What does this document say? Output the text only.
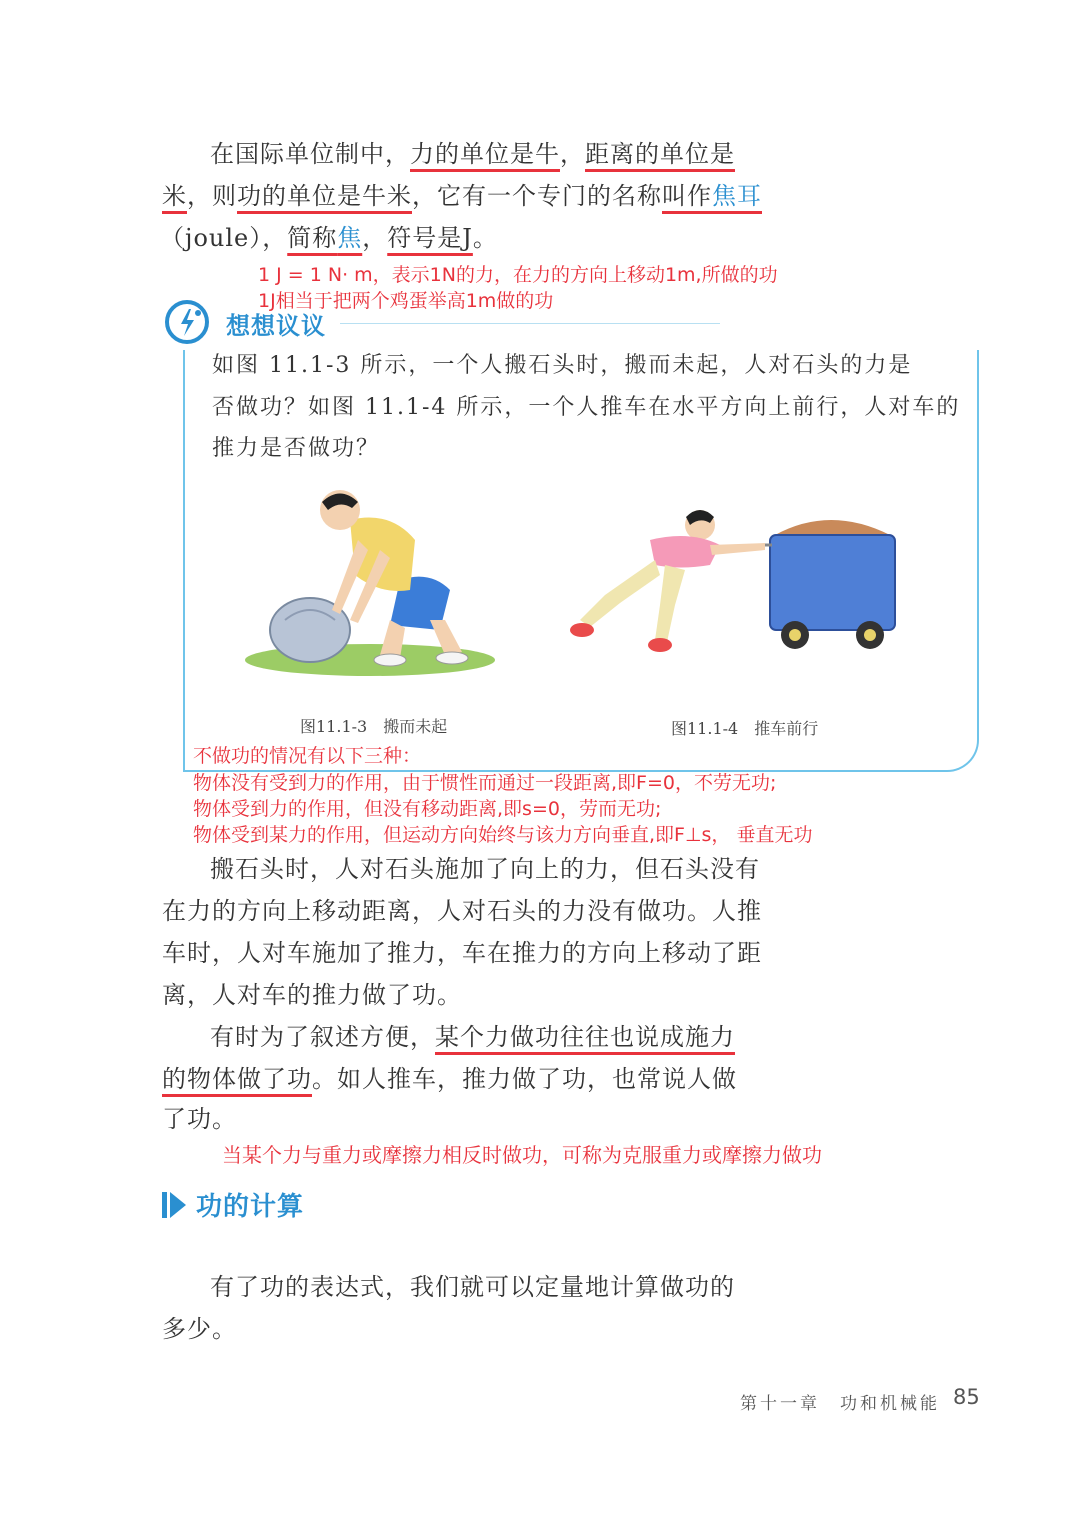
在国际单位制中，力的单位是牛，距离的单位是
米，则功的单位是牛米，它有一个专门的名称叫作焦耳
（joule），简称焦，符号是J。
1 J = 1 N· m，表示1N的力，在力的方向上移动1m,所做的功
1J相当于把两个鸡蛋举高1m做的功
想想议议
如图 11.1-3 所示，一个人搬石头时，搬而未起，人对石头的力是
否做功？如图 11.1-4 所示，一个人推车在水平方向上前行，人对车的
推力是否做功？
图11.1-3　搬而未起	图11.1-4　推车前行
不做功的情况有以下三种：
物体没有受到力的作用，由于惯性而通过一段距离,即F=0，不劳无功;
物体受到力的作用，但没有移动距离,即s=0，劳而无功;
物体受到某力的作用，但运动方向始终与该力方向垂直,即F⊥s， 垂直无功
搬石头时，人对石头施加了向上的力，但石头没有
在力的方向上移动距离，人对石头的力没有做功。人推
车时，人对车施加了推力，车在推力的方向上移动了距
离，人对车的推力做了功。
有时为了叙述方便，某个力做功往往也说成施力
的物体做了功。如人推车，推力做了功，也常说人做
了功。
当某个力与重力或摩擦力相反时做功，可称为克服重力或摩擦力做功
功的计算
有了功的表达式，我们就可以定量地计算做功的
多少。
第十一章　功和机械能 85
